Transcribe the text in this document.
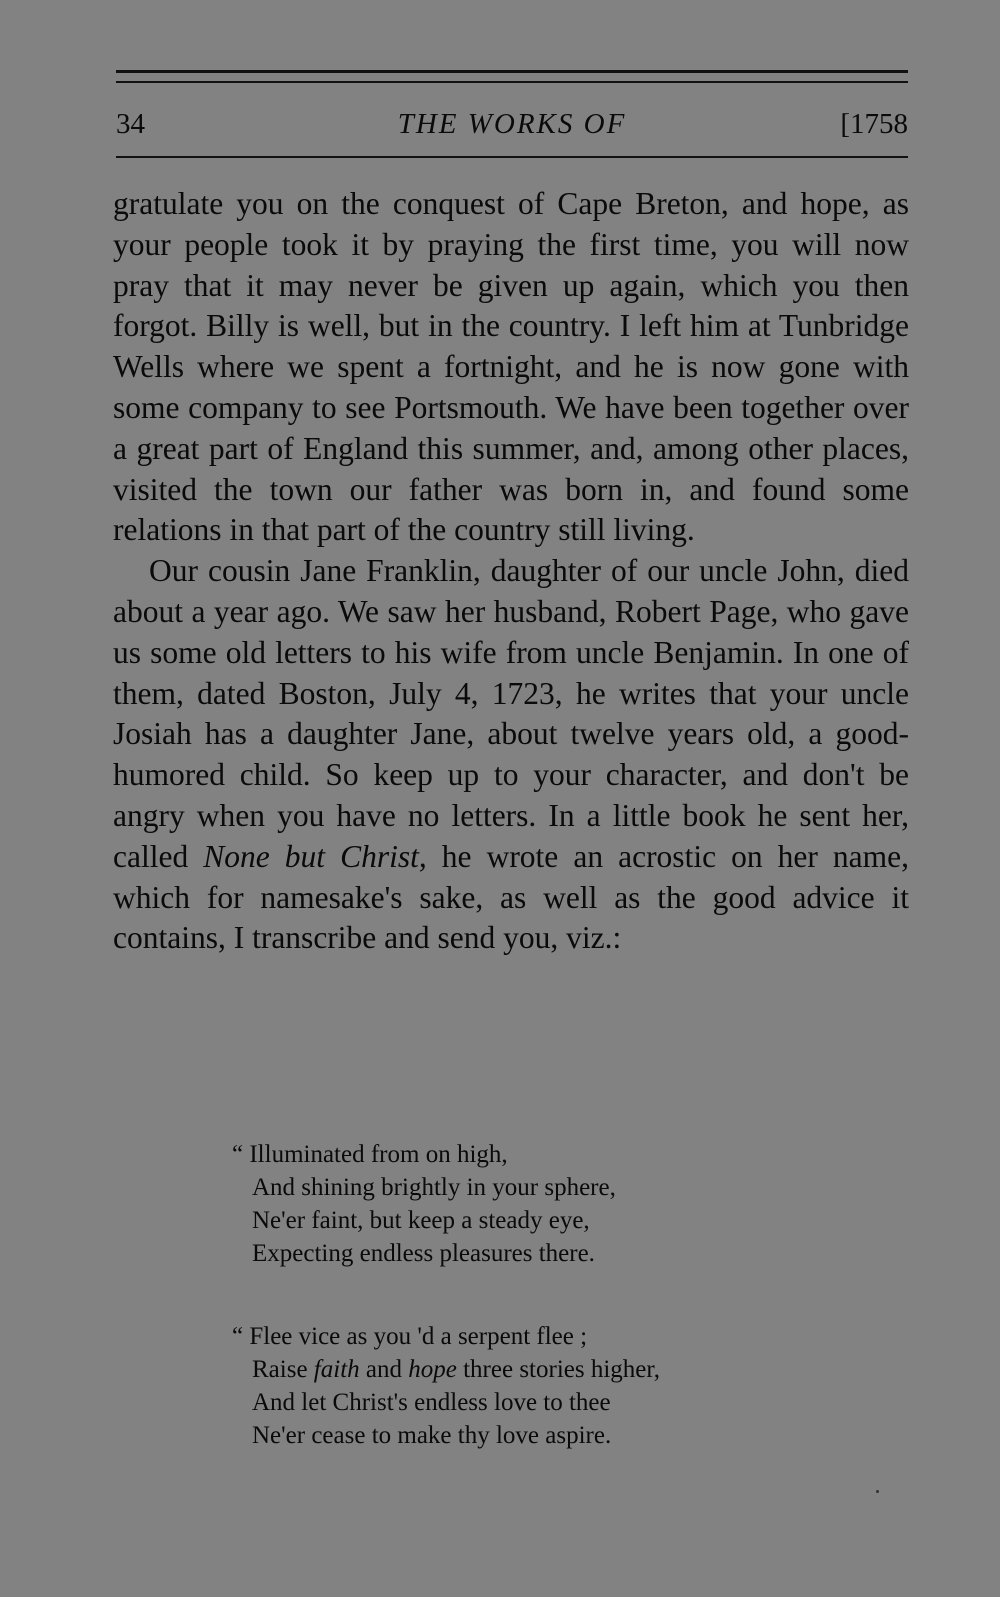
34	THE WORKS OF	[1758

gratulate you on the conquest of Cape Breton, and hope, as your people took it by praying the first time, you will now pray that it may never be given up again, which you then forgot. Billy is well, but in the country. I left him at Tunbridge Wells where we spent a fortnight, and he is now gone with some company to see Portsmouth. We have been together over a great part of England this summer, and, among other places, visited the town our father was born in, and found some relations in that part of the country still living.

Our cousin Jane Franklin, daughter of our uncle John, died about a year ago. We saw her husband, Robert Page, who gave us some old letters to his wife from uncle Benjamin. In one of them, dated Boston, July 4, 1723, he writes that your uncle Josiah has a daughter Jane, about twelve years old, a good-humored child. So keep up to your character, and don't be angry when you have no letters. In a little book he sent her, called None but Christ, he wrote an acrostic on her name, which for namesake's sake, as well as the good advice it contains, I transcribe and send you, viz.:

“ Illuminated from on high,
And shining brightly in your sphere,
Ne'er faint, but keep a steady eye,
Expecting endless pleasures there.
“ Flee vice as you 'd a serpent flee ;
Raise faith and hope three stories higher,
And let Christ's endless love to thee
Ne'er cease to make thy love aspire.
